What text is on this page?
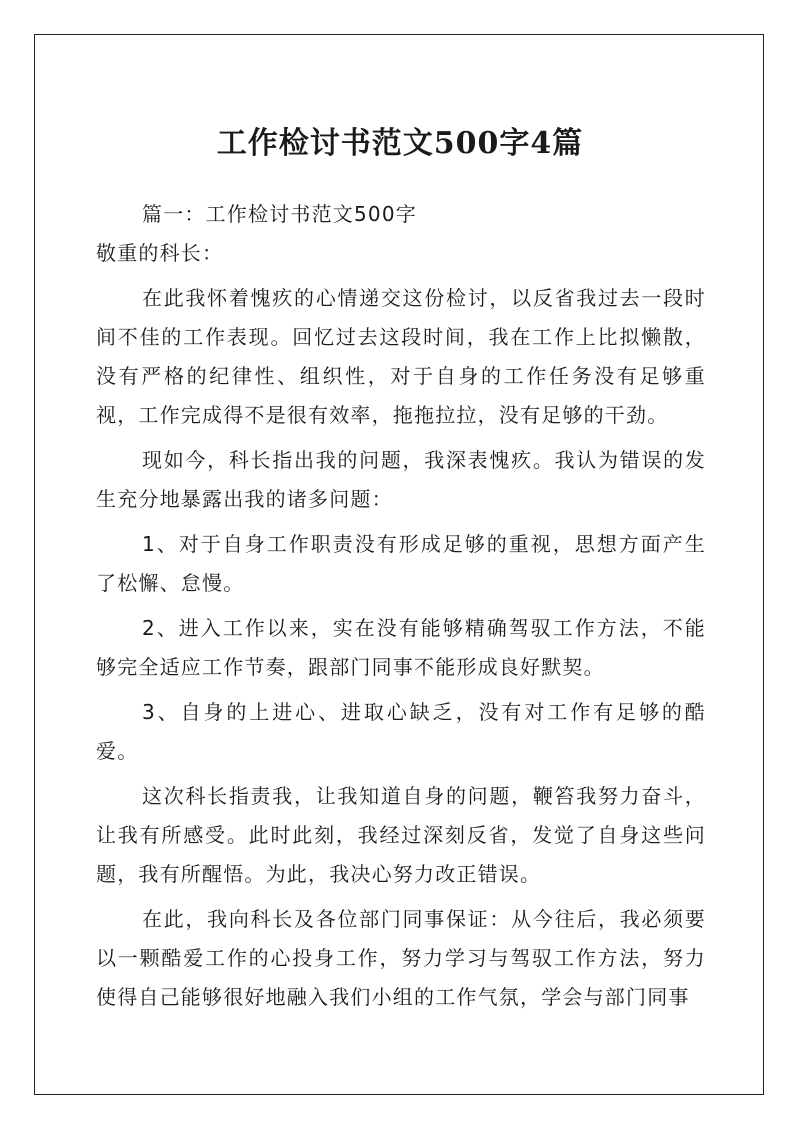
工作检讨书范文500字4篇

篇一：工作检讨书范文500字

敬重的科长：

在此我怀着愧疚的心情递交这份检讨，以反省我过去一段时间不佳的工作表现。回忆过去这段时间，我在工作上比拟懒散，没有严格的纪律性、组织性，对于自身的工作任务没有足够重视，工作完成得不是很有效率，拖拖拉拉，没有足够的干劲。

现如今，科长指出我的问题，我深表愧疚。我认为错误的发生充分地暴露出我的诸多问题：

1、对于自身工作职责没有形成足够的重视，思想方面产生了松懈、怠慢。

2、进入工作以来，实在没有能够精确驾驭工作方法，不能够完全适应工作节奏，跟部门同事不能形成良好默契。

3、自身的上进心、进取心缺乏，没有对工作有足够的酷爱。

这次科长指责我，让我知道自身的问题，鞭笞我努力奋斗，让我有所感受。此时此刻，我经过深刻反省，发觉了自身这些问题，我有所醒悟。为此，我决心努力改正错误。

在此，我向科长及各位部门同事保证：从今往后，我必须要以一颗酷爱工作的心投身工作，努力学习与驾驭工作方法，努力使得自己能够很好地融入我们小组的工作气氛，学会与部门同事
